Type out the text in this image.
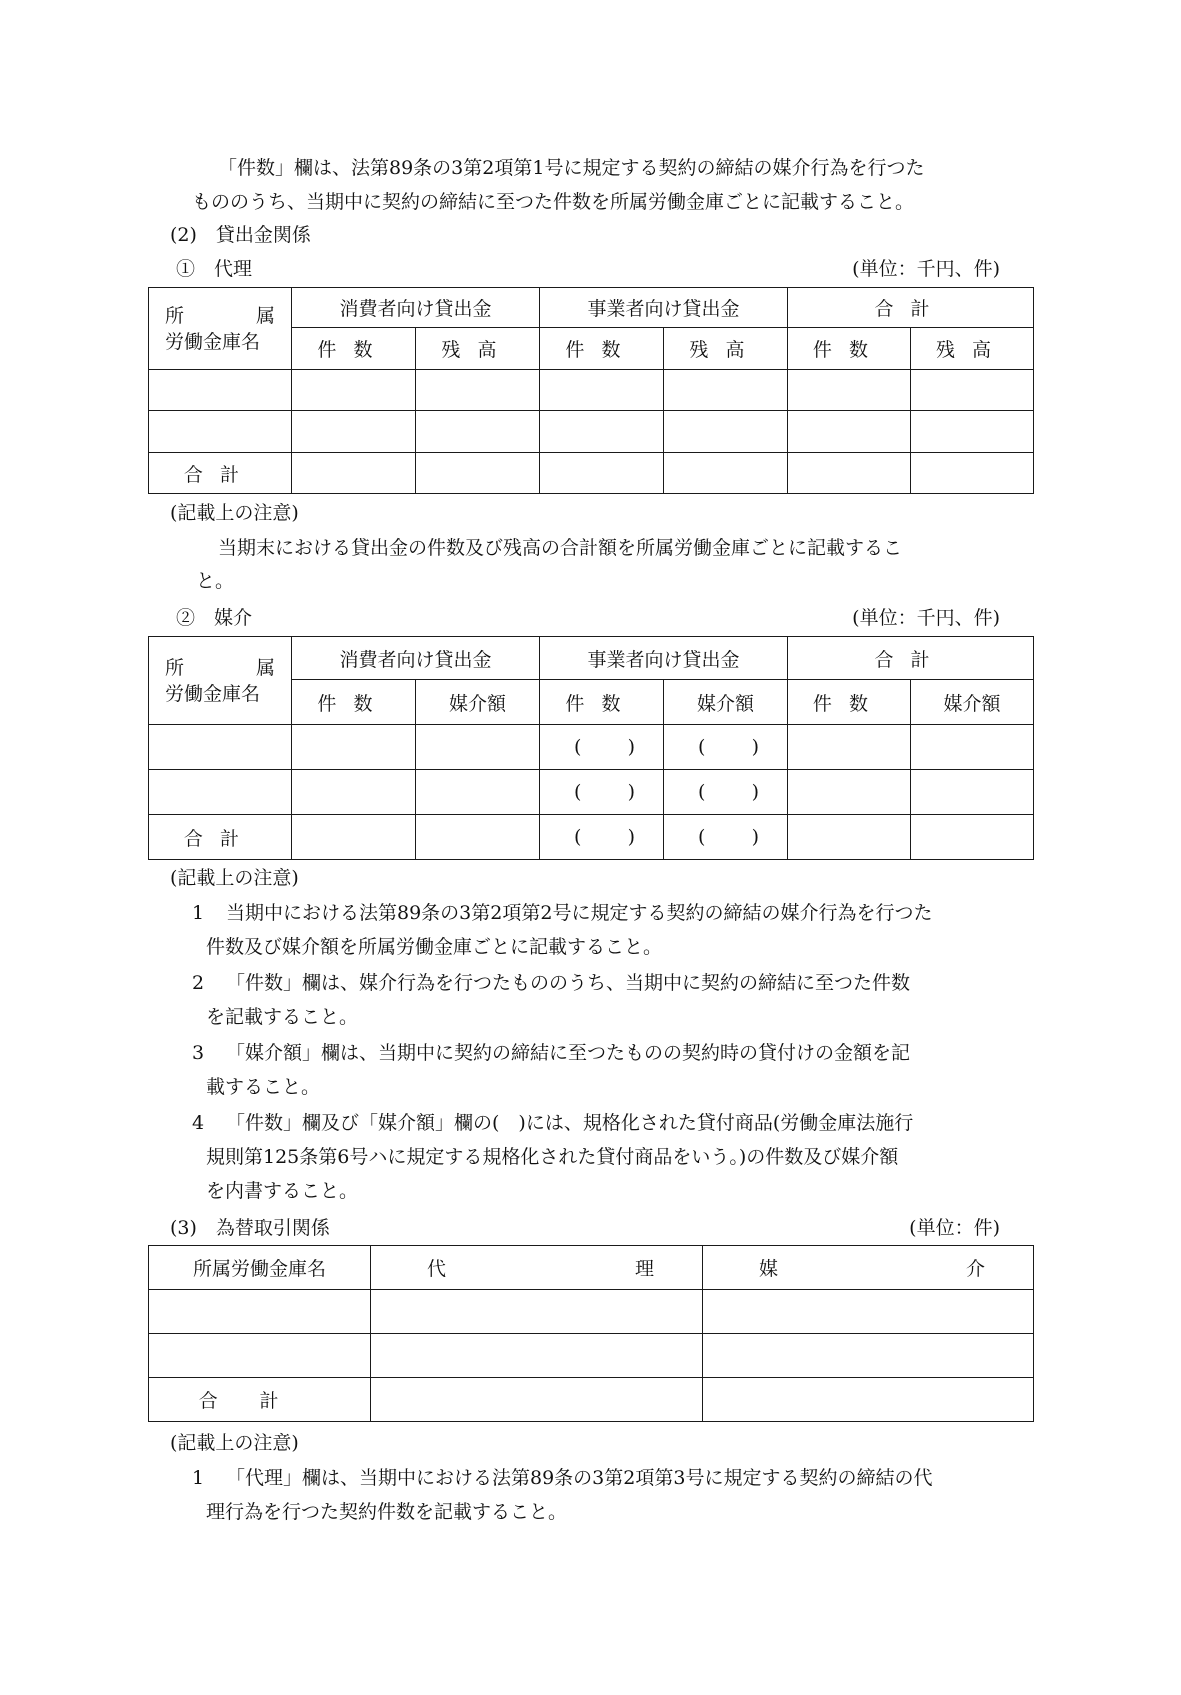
「件数」欄は、法第89条の3第2項第1号に規定する契約の締結の媒介行為を行つた
もののうち、当期中に契約の締結に至つた件数を所属労働金庫ごとに記載すること。
(2)　貸出金関係
①　代理	(単位：千円、件)
所 属
労働金庫名	消費者向け貸出金		事業者向け貸出金		合計	
	件数	残高	件数	残高	件数	残高

合計						
(記載上の注意)
当期末における貸出金の件数及び残高の合計額を所属労働金庫ごとに記載するこ
と。
②　媒介	(単位：千円、件)
所 属
労働金庫名	消費者向け貸出金		事業者向け貸出金		合計	
	件数	媒介額	件数	媒介額	件数	媒介額

			( )	( )		

			( )	( )		

合計			( )	( )		

(記載上の注意)
1 当期中における法第89条の3第2項第2号に規定する契約の締結の媒介行為を行つた
件数及び媒介額を所属労働金庫ごとに記載すること。
2 「件数」欄は、媒介行為を行つたもののうち、当期中に契約の締結に至つた件数
を記載すること。
3 「媒介額」欄は、当期中に契約の締結に至つたものの契約時の貸付けの金額を記
載すること。
4 「件数」欄及び「媒介額」欄の(　)には、規格化された貸付商品(労働金庫法施行
規則第125条第6号ハに規定する規格化された貸付商品をいう。)の件数及び媒介額
を内書すること。
(3)　為替取引関係	(単位：件)
所属労働金庫名	代 理	媒 介

合計		
(記載上の注意)
1 「代理」欄は、当期中における法第89条の3第2項第3号に規定する契約の締結の代
理行為を行つた契約件数を記載すること。
